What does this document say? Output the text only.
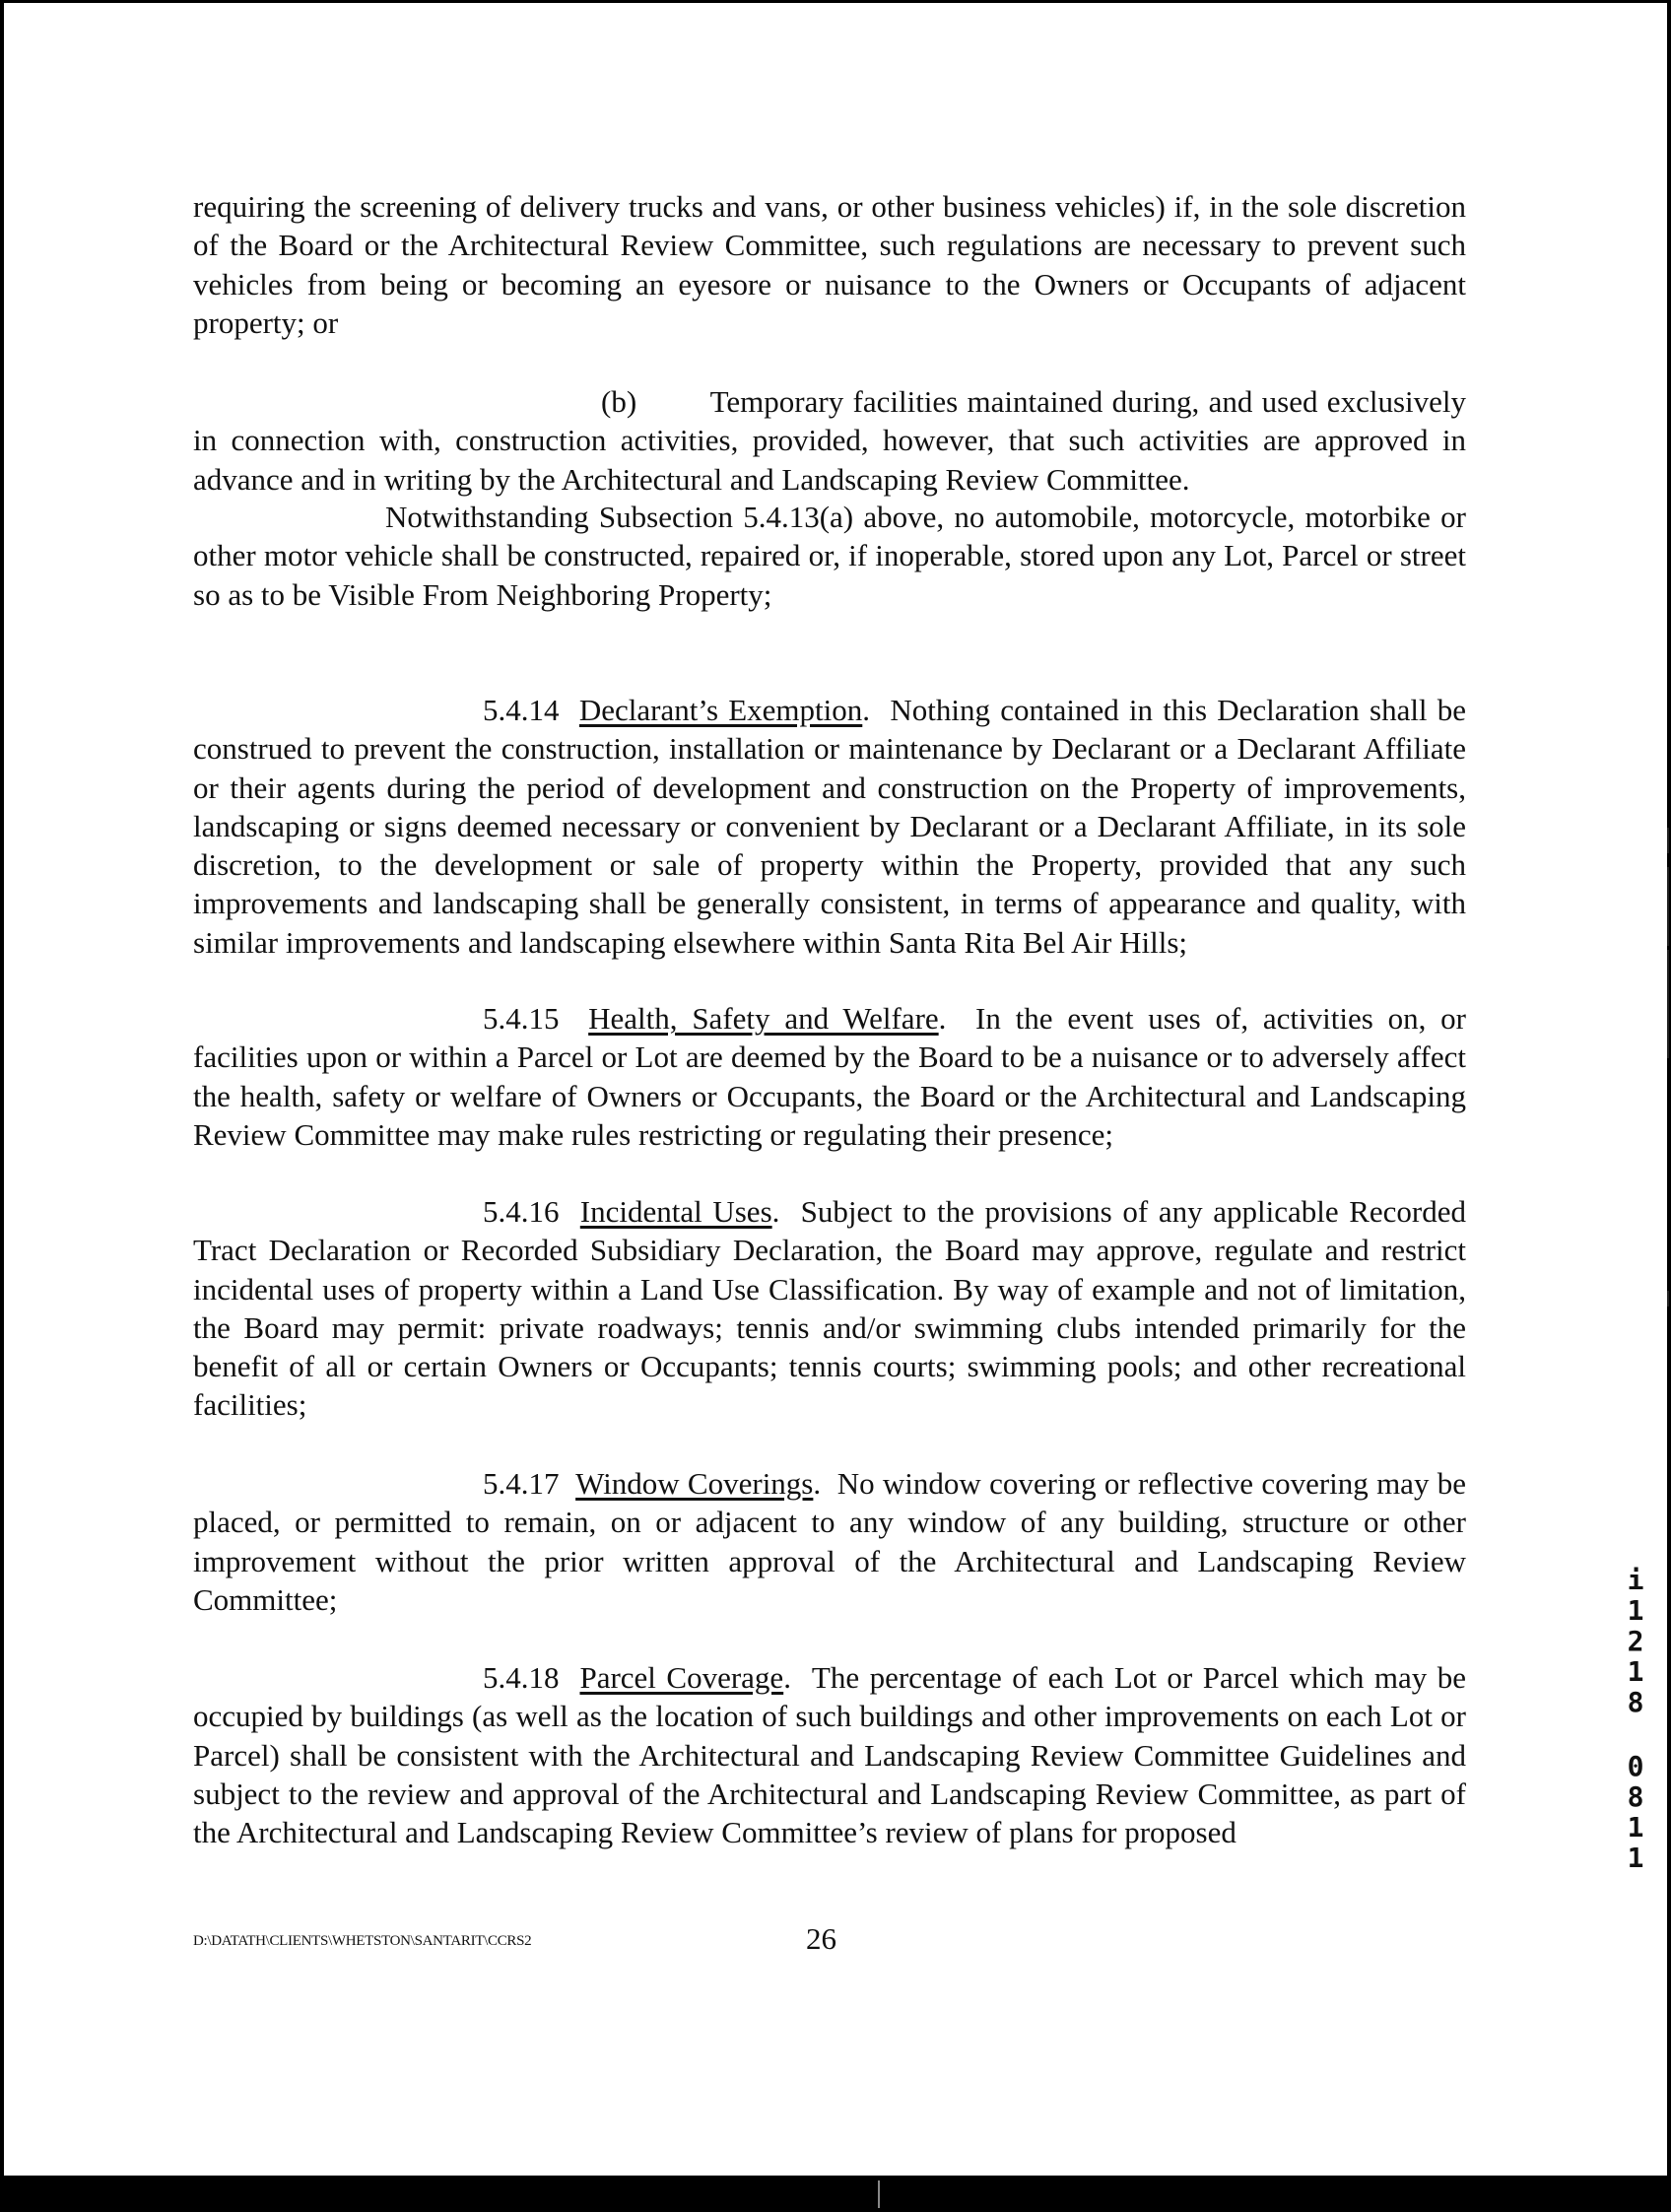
requiring the screening of delivery trucks and vans, or other business vehicles) if, in the sole discretion of the Board or the Architectural Review Committee, such regulations are necessary to prevent such vehicles from being or becoming an eyesore or nuisance to the Owners or Occupants of adjacent property; or

(b) Temporary facilities maintained during, and used exclusively in connection with, construction activities, provided, however, that such activities are approved in advance and in writing by the Architectural and Landscaping Review Committee.

Notwithstanding Subsection 5.4.13(a) above, no automobile, motorcycle, motorbike or other motor vehicle shall be constructed, repaired or, if inoperable, stored upon any Lot, Parcel or street so as to be Visible From Neighboring Property;

5.4.14 Declarant’s Exemption.  Nothing contained in this Declaration shall be construed to prevent the construction, installation or maintenance by Declarant or a Declarant Affiliate or their agents during the period of development and construction on the Property of improvements, landscaping or signs deemed necessary or convenient by Declarant or a Declarant Affiliate, in its sole discretion, to the development or sale of property within the Property, provided that any such improvements and landscaping shall be generally consistent, in terms of appearance and quality, with similar improvements and landscaping elsewhere within Santa Rita Bel Air Hills;

5.4.15 Health, Safety and Welfare.  In the event uses of, activities on, or facilities upon or within a Parcel or Lot are deemed by the Board to be a nuisance or to adversely affect the health, safety or welfare of Owners or Occupants, the Board or the Architectural and Landscaping Review Committee may make rules restricting or regulating their presence;

5.4.16 Incidental Uses.  Subject to the provisions of any applicable Recorded Tract Declaration or Recorded Subsidiary Declaration, the Board may approve, regulate and restrict incidental uses of property within a Land Use Classification. By way of example and not of limitation, the Board may permit: private roadways; tennis and/or swimming clubs intended primarily for the benefit of all or certain Owners or Occupants; tennis courts; swimming pools; and other recreational facilities;

5.4.17 Window Coverings.  No window covering or reflective covering may be placed, or permitted to remain, on or adjacent to any window of any building, structure or other improvement without the prior written approval of the Architectural and Landscaping Review Committee;

5.4.18 Parcel Coverage.  The percentage of each Lot or Parcel which may be occupied by buildings (as well as the location of such buildings and other improvements on each Lot or Parcel) shall be consistent with the Architectural and Landscaping Review Committee Guidelines and subject to the review and approval of the Architectural and Landscaping Review Committee, as part of the Architectural and Landscaping Review Committee’s review of plans for proposed

D:\DATATH\CLIENTS\WHETSTON\SANTARIT\CCRS2	26

i
1
2
1
8
0
8
1
1
